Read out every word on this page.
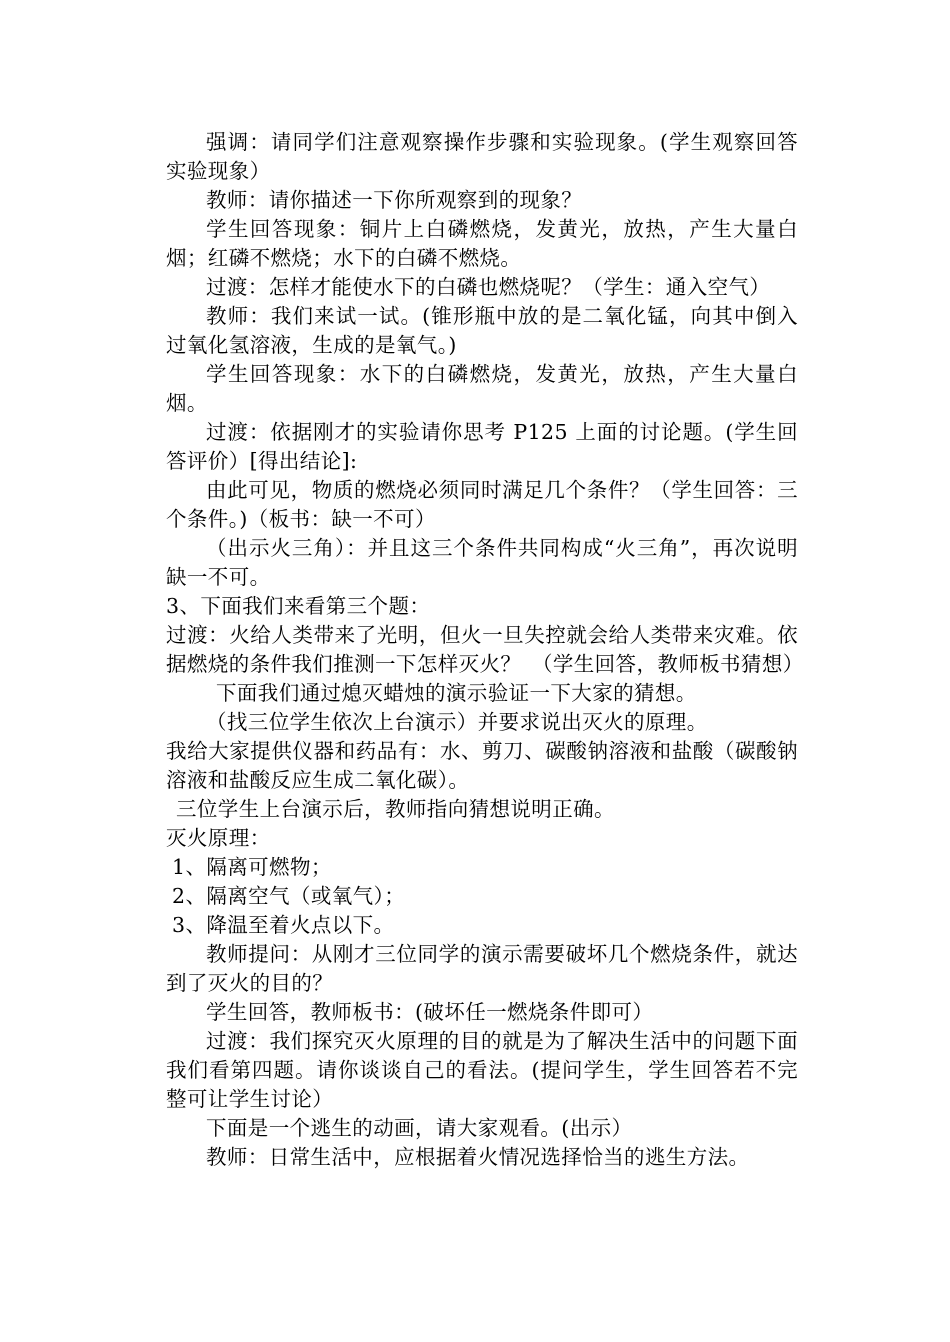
强调：请同学们注意观察操作步骤和实验现象。(学生观察回答实验现象）

教师：请你描述一下你所观察到的现象？

学生回答现象：铜片上白磷燃烧，发黄光，放热，产生大量白烟；红磷不燃烧；水下的白磷不燃烧。

过渡：怎样才能使水下的白磷也燃烧呢？（学生：通入空气）

教师：我们来试一试。(锥形瓶中放的是二氧化锰，向其中倒入过氧化氢溶液，生成的是氧气。)

学生回答现象：水下的白磷燃烧，发黄光，放热，产生大量白烟。

过渡：依据刚才的实验请你思考 P125 上面的讨论题。(学生回答评价）[得出结论]:

由此可见，物质的燃烧必须同时满足几个条件？（学生回答：三个条件。)（板书：缺一不可）

（出示火三角）：并且这三个条件共同构成“火三角”，再次说明缺一不可。

3、下面我们来看第三个题：

过渡：火给人类带来了光明，但火一旦失控就会给人类带来灾难。依据燃烧的条件我们推测一下怎样灭火？　（学生回答，教师板书猜想）

下面我们通过熄灭蜡烛的演示验证一下大家的猜想。

（找三位学生依次上台演示）并要求说出灭火的原理。

我给大家提供仪器和药品有：水、剪刀、碳酸钠溶液和盐酸（碳酸钠溶液和盐酸反应生成二氧化碳）。

三位学生上台演示后，教师指向猜想说明正确。

灭火原理：

1、隔离可燃物；

2、隔离空气（或氧气）；

3、降温至着火点以下。

教师提问：从刚才三位同学的演示需要破坏几个燃烧条件，就达到了灭火的目的？

学生回答，教师板书：(破坏任一燃烧条件即可）

过渡：我们探究灭火原理的目的就是为了解决生活中的问题下面我们看第四题。请你谈谈自己的看法。(提问学生，学生回答若不完整可让学生讨论）

下面是一个逃生的动画，请大家观看。(出示）

教师：日常生活中，应根据着火情况选择恰当的逃生方法。
